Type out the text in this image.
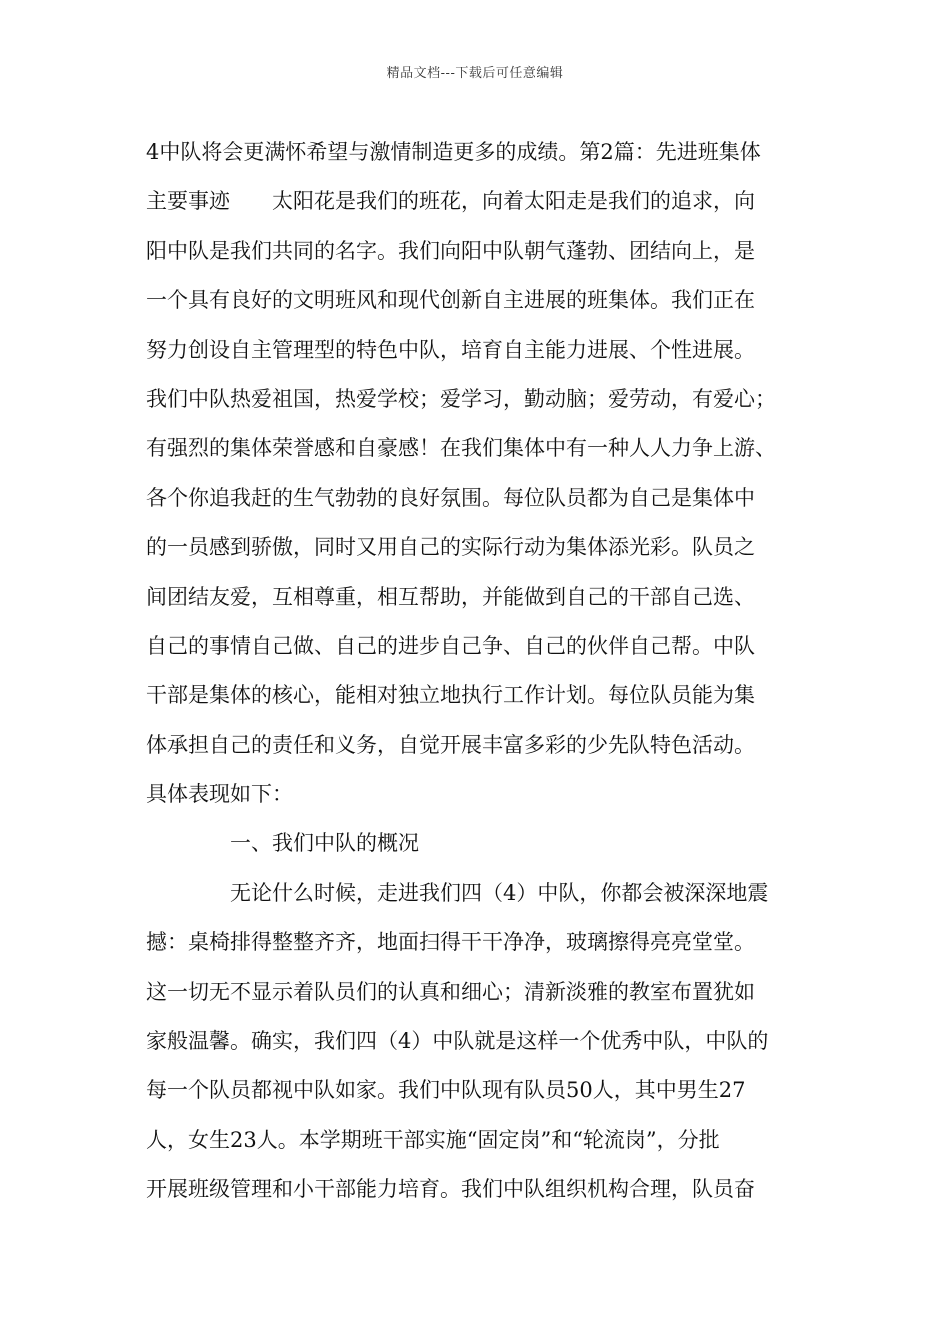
精品文档---下载后可任意编辑
4中队将会更满怀希望与激情制造更多的成绩。第2篇：先进班集体
主要事迹　　太阳花是我们的班花，向着太阳走是我们的追求，向
阳中队是我们共同的名字。我们向阳中队朝气蓬勃、团结向上，是
一个具有良好的文明班风和现代创新自主进展的班集体。我们正在
努力创设自主管理型的特色中队，培育自主能力进展、个性进展。
我们中队热爱祖国，热爱学校；爱学习，勤动脑；爱劳动，有爱心；
有强烈的集体荣誉感和自豪感！在我们集体中有一种人人力争上游、
各个你追我赶的生气勃勃的良好氛围。每位队员都为自己是集体中
的一员感到骄傲，同时又用自己的实际行动为集体添光彩。队员之
间团结友爱，互相尊重，相互帮助，并能做到自己的干部自己选、
自己的事情自己做、自己的进步自己争、自己的伙伴自己帮。中队
干部是集体的核心，能相对独立地执行工作计划。每位队员能为集
体承担自己的责任和义务，自觉开展丰富多彩的少先队特色活动。
具体表现如下：
一、我们中队的概况
无论什么时候，走进我们四（4）中队，你都会被深深地震
撼：桌椅排得整整齐齐，地面扫得干干净净，玻璃擦得亮亮堂堂。
这一切无不显示着队员们的认真和细心；清新淡雅的教室布置犹如
家般温馨。确实，我们四（4）中队就是这样一个优秀中队，中队的
每一个队员都视中队如家。我们中队现有队员50人，其中男生27
人，女生23人。本学期班干部实施“固定岗”和“轮流岗”，分批
开展班级管理和小干部能力培育。我们中队组织机构合理，队员奋
